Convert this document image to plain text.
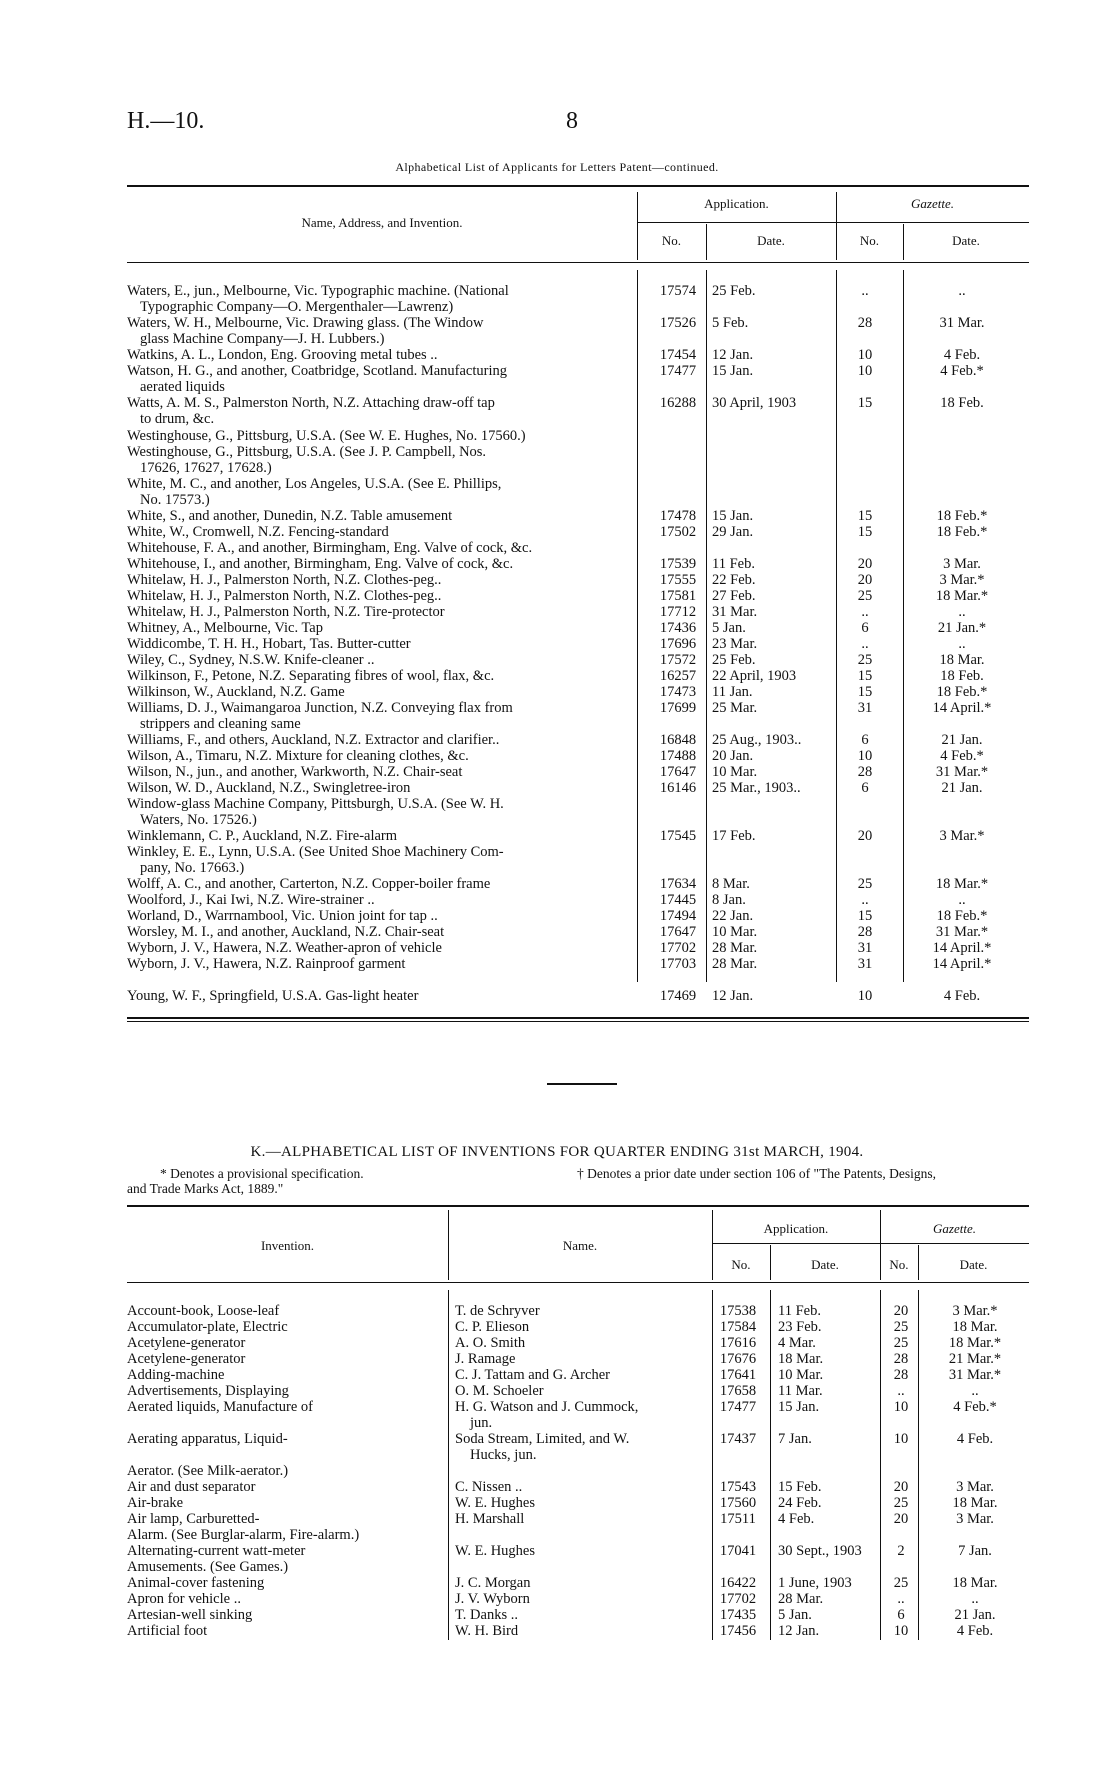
H.—10.	8
Alphabetical List of Applicants for Letters Patent—continued.
Name, Address, and Invention.
Application.	Gazette.
No.	Date.	No.	Date.
Waters, E., jun., Melbourne, Vic. Typographic machine. (National
Typographic Company—O. Mergenthaler—Lawrenz)
17574	25 Feb.	..	..
Waters, W. H., Melbourne, Vic. Drawing glass. (The Window
glass Machine Company—J. H. Lubbers.)
17526	5 Feb.	28	31 Mar.
Watkins, A. L., London, Eng. Grooving metal tubes ..	17454	12 Jan.	10	4 Feb.
Watson, H. G., and another, Coatbridge, Scotland. Manufacturing
aerated liquids
17477	15 Jan.	10	4 Feb.*
Watts, A. M. S., Palmerston North, N.Z. Attaching draw-off tap
to drum, &c.
16288	30 April, 1903	15	18 Feb.
Westinghouse, G., Pittsburg, U.S.A. (See W. E. Hughes, No. 17560.)
Westinghouse, G., Pittsburg, U.S.A. (See J. P. Campbell, Nos.
17626, 17627, 17628.)
White, M. C., and another, Los Angeles, U.S.A. (See E. Phillips,
No. 17573.)
White, S., and another, Dunedin, N.Z. Table amusement	17478	15 Jan.	15	18 Feb.*
White, W., Cromwell, N.Z. Fencing-standard	17502	29 Jan.	15	18 Feb.*
Whitehouse, F. A., and another, Birmingham, Eng. Valve of cock, &c.
Whitehouse, I., and another, Birmingham, Eng. Valve of cock, &c.	17539	11 Feb.	20	3 Mar.
Whitelaw, H. J., Palmerston North, N.Z. Clothes-peg..	17555	22 Feb.	20	3 Mar.*
Whitelaw, H. J., Palmerston North, N.Z. Clothes-peg..	17581	27 Feb.	25	18 Mar.*
Whitelaw, H. J., Palmerston North, N.Z. Tire-protector	17712	31 Mar.	..	..
Whitney, A., Melbourne, Vic. Tap	17436	5 Jan.	6	21 Jan.*
Widdicombe, T. H. H., Hobart, Tas. Butter-cutter	17696	23 Mar.	..	..
Wiley, C., Sydney, N.S.W. Knife-cleaner ..	17572	25 Feb.	25	18 Mar.
Wilkinson, F., Petone, N.Z. Separating fibres of wool, flax, &c.	16257	22 April, 1903	15	18 Feb.
Wilkinson, W., Auckland, N.Z. Game	17473	11 Jan.	15	18 Feb.*
Williams, D. J., Waimangaroa Junction, N.Z. Conveying flax from
strippers and cleaning same
17699	25 Mar.	31	14 April.*
Williams, F., and others, Auckland, N.Z. Extractor and clarifier..	16848	25 Aug., 1903..	6	21 Jan.
Wilson, A., Timaru, N.Z. Mixture for cleaning clothes, &c.	17488	20 Jan.	10	4 Feb.*
Wilson, N., jun., and another, Warkworth, N.Z. Chair-seat	17647	10 Mar.	28	31 Mar.*
Wilson, W. D., Auckland, N.Z., Swingletree-iron	16146	25 Mar., 1903..	6	21 Jan.
Window-glass Machine Company, Pittsburgh, U.S.A. (See W. H.
Waters, No. 17526.)
Winklemann, C. P., Auckland, N.Z. Fire-alarm	17545	17 Feb.	20	3 Mar.*
Winkley, E. E., Lynn, U.S.A. (See United Shoe Machinery Com-
pany, No. 17663.)
Wolff, A. C., and another, Carterton, N.Z. Copper-boiler frame	17634	8 Mar.	25	18 Mar.*
Woolford, J., Kai Iwi, N.Z. Wire-strainer ..	17445	8 Jan.	..	..
Worland, D., Warrnambool, Vic. Union joint for tap ..	17494	22 Jan.	15	18 Feb.*
Worsley, M. I., and another, Auckland, N.Z. Chair-seat	17647	10 Mar.	28	31 Mar.*
Wyborn, J. V., Hawera, N.Z. Weather-apron of vehicle	17702	28 Mar.	31	14 April.*
Wyborn, J. V., Hawera, N.Z. Rainproof garment	17703	28 Mar.	31	14 April.*
Young, W. F., Springfield, U.S.A. Gas-light heater	17469	12 Jan.	10	4 Feb.
K.—ALPHABETICAL LIST OF INVENTIONS FOR QUARTER ENDING 31st MARCH, 1904.
* Denotes a provisional specification.	† Denotes a prior date under section 106 of "The Patents, Designs,
and Trade Marks Act, 1889."
Invention.	Name.
Application.	Gazette.
No.	Date.	No.	Date.
Account-book, Loose-leaf	T. de Schryver	17538	11 Feb.	20	3 Mar.*
Accumulator-plate, Electric	C. P. Elieson	17584	23 Feb.	25	18 Mar.
Acetylene-generator	A. O. Smith	17616	4 Mar.	25	18 Mar.*
Acetylene-generator	J. Ramage	17676	18 Mar.	28	21 Mar.*
Adding-machine	C. J. Tattam and G. Archer	17641	10 Mar.	28	31 Mar.*
Advertisements, Displaying	O. M. Schoeler	17658	11 Mar.	..	..
Aerated liquids, Manufacture of	H. G. Watson and J. Cummock,
jun.
17477	15 Jan.	10	4 Feb.*
Aerating apparatus, Liquid-	Soda Stream, Limited, and W.
Hucks, jun.
17437	7 Jan.	10	4 Feb.
Aerator. (See Milk-aerator.)
Air and dust separator	C. Nissen ..	17543	15 Feb.	20	3 Mar.
Air-brake	W. E. Hughes	17560	24 Feb.	25	18 Mar.
Air lamp, Carburetted-	H. Marshall	17511	4 Feb.	20	3 Mar.
Alarm. (See Burglar-alarm, Fire-alarm.)
Alternating-current watt-meter	W. E. Hughes	17041	30 Sept., 1903	2	7 Jan.
Amusements. (See Games.)
Animal-cover fastening	J. C. Morgan	16422	1 June, 1903	25	18 Mar.
Apron for vehicle ..	J. V. Wyborn	17702	28 Mar.	..	..
Artesian-well sinking	T. Danks ..	17435	5 Jan.	6	21 Jan.
Artificial foot	W. H. Bird	17456	12 Jan.	10	4 Feb.
